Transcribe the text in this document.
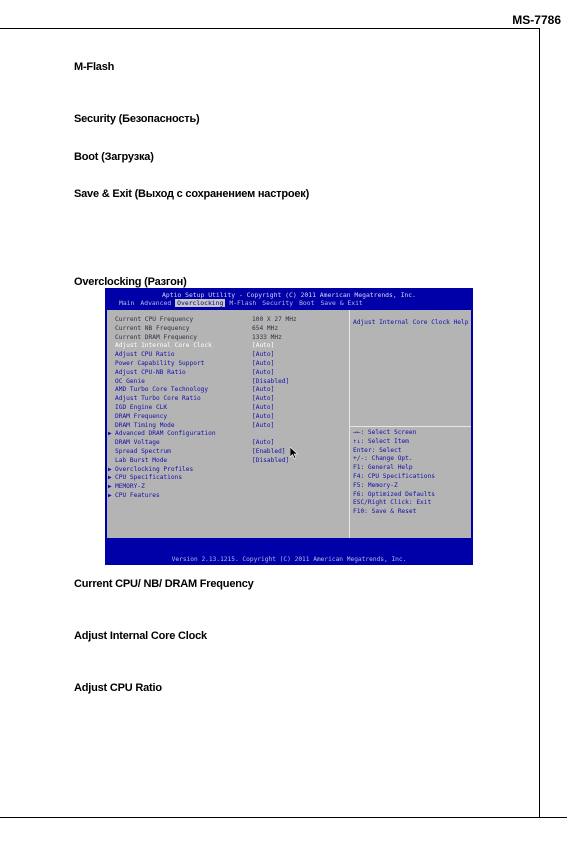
MS-7786
M-Flash
Security (Безопасность)
Boot (Загрузка)
Save & Exit (Выход с сохранением настроек)
Overclocking (Разгон)
Aptio Setup Utility - Copyright (C) 2011 American Megatrends, Inc.
Main Advanced Overclocking M-Flash Security Boot Save & Exit
Current CPU Frequency	100 X 27 MHz
Current NB Frequency	654 MHz
Current DRAM Frequency	1333 MHz
Adjust Internal Core Clock	[Auto]
Adjust CPU Ratio	[Auto]
Power Capability Support	[Auto]
Adjust CPU-NB Ratio	[Auto]
OC Genie	[Disabled]
AMD Turbo Core Technology	[Auto]
Adjust Turbo Core Ratio	[Auto]
IGD Engine CLK	[Auto]
DRAM Frequency	[Auto]
DRAM Timing Mode	[Auto]
▶ Advanced DRAM Configuration
DRAM Voltage	[Auto]
Spread Spectrum	[Enabled]
Lab Burst Mode	[Disabled]
▶ Overclocking Profiles
▶ CPU Specifications
▶ MEMORY-Z
▶ CPU Features
Adjust Internal Core Clock Help
→←: Select Screen
↑↓: Select Item
Enter: Select
+/-: Change Opt.
F1: General Help
F4: CPU Specifications
F5: Memory-Z
F6: Optimized Defaults
ESC/Right Click: Exit
F10: Save & Reset
Version 2.13.1215. Copyright (C) 2011 American Megatrends, Inc.
Current CPU/ NB/ DRAM Frequency
Adjust Internal Core Clock
Adjust CPU Ratio
